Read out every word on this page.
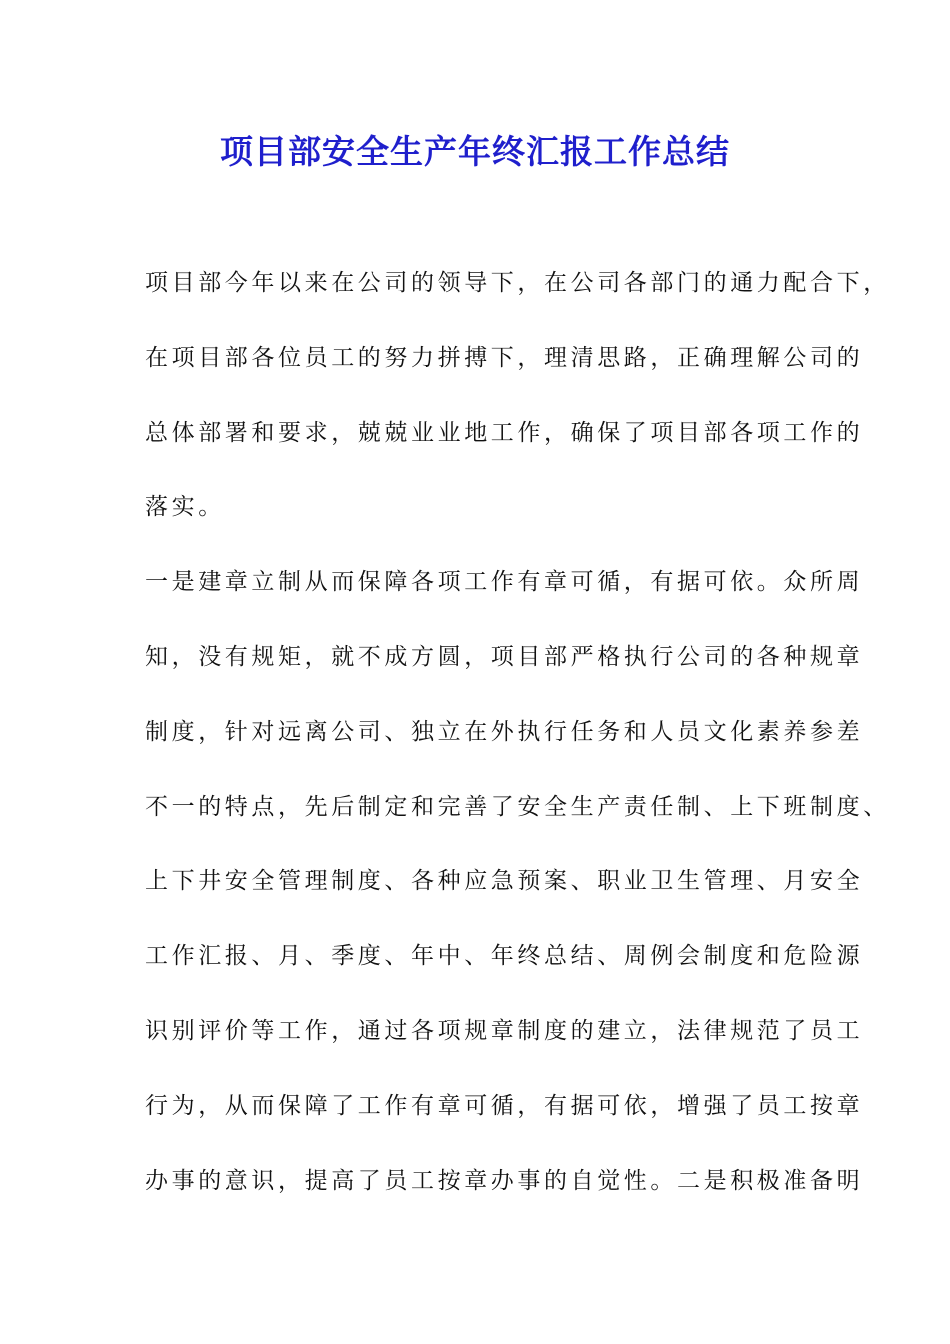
项目部安全生产年终汇报工作总结
项目部今年以来在公司的领导下，在公司各部门的通力配合下，
在项目部各位员工的努力拼搏下，理清思路，正确理解公司的
总体部署和要求，兢兢业业地工作，确保了项目部各项工作的
落实。
一是建章立制从而保障各项工作有章可循，有据可依。众所周
知，没有规矩，就不成方圆，项目部严格执行公司的各种规章
制度，针对远离公司、独立在外执行任务和人员文化素养参差
不一的特点，先后制定和完善了安全生产责任制、上下班制度、
上下井安全管理制度、各种应急预案、职业卫生管理、月安全
工作汇报、月、季度、年中、年终总结、周例会制度和危险源
识别评价等工作，通过各项规章制度的建立，法律规范了员工
行为，从而保障了工作有章可循，有据可依，增强了员工按章
办事的意识，提高了员工按章办事的自觉性。二是积极准备明
